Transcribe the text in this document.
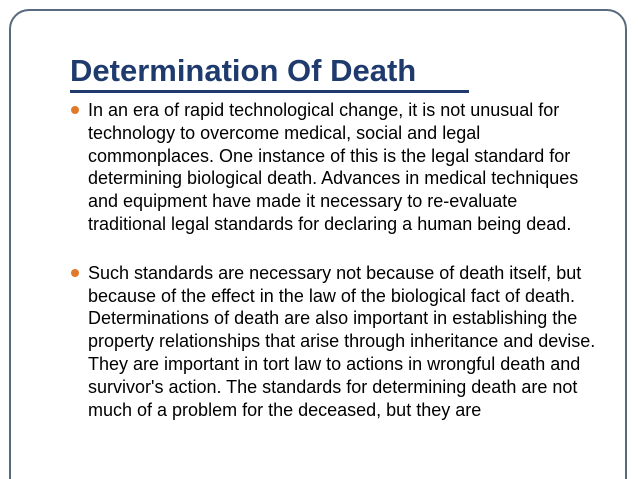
Determination Of Death
In an era of rapid technological change, it is not unusual for technology to overcome medical, social and legal commonplaces. One instance of this is the legal standard for determining biological death. Advances in medical techniques and equipment have made it necessary to re-evaluate traditional legal standards for declaring a human being dead.
Such standards are necessary not because of death itself, but because of the effect in the law of the biological fact of death. Determinations of death are also important in establishing the property relationships that arise through inheritance and devise. They are important in tort law to actions in wrongful death and survivor's action. The standards for determining death are not much of a problem for the deceased, but they are
